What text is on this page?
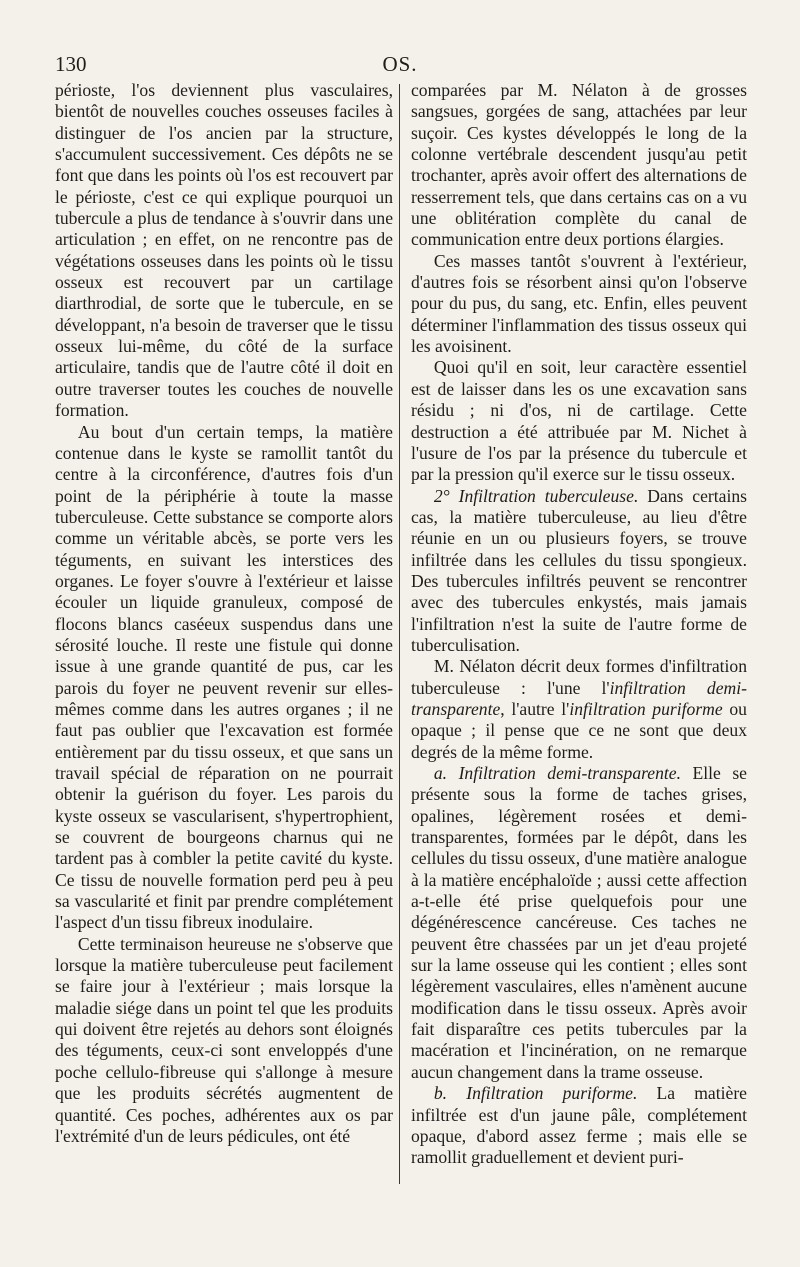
130	OS.

périoste, l'os deviennent plus vasculaires, bientôt de nouvelles couches osseuses faciles à distinguer de l'os ancien par la structure, s'accumulent successivement. Ces dépôts ne se font que dans les points où l'os est recouvert par le périoste, c'est ce qui explique pourquoi un tubercule a plus de tendance à s'ouvrir dans une articulation ; en effet, on ne rencontre pas de végétations osseuses dans les points où le tissu osseux est recouvert par un cartilage diarthrodial, de sorte que le tubercule, en se développant, n'a besoin de traverser que le tissu osseux lui-même, du côté de la surface articulaire, tandis que de l'autre côté il doit en outre traverser toutes les couches de nouvelle formation.

Au bout d'un certain temps, la matière contenue dans le kyste se ramollit tantôt du centre à la circonférence, d'autres fois d'un point de la périphérie à toute la masse tuberculeuse. Cette substance se comporte alors comme un véritable abcès, se porte vers les téguments, en suivant les interstices des organes. Le foyer s'ouvre à l'extérieur et laisse écouler un liquide granuleux, composé de flocons blancs caséeux suspendus dans une sérosité louche. Il reste une fistule qui donne issue à une grande quantité de pus, car les parois du foyer ne peuvent revenir sur elles-mêmes comme dans les autres organes ; il ne faut pas oublier que l'excavation est formée entièrement par du tissu osseux, et que sans un travail spécial de réparation on ne pourrait obtenir la guérison du foyer. Les parois du kyste osseux se vascularisent, s'hypertrophient, se couvrent de bourgeons charnus qui ne tardent pas à combler la petite cavité du kyste. Ce tissu de nouvelle formation perd peu à peu sa vascularité et finit par prendre complétement l'aspect d'un tissu fibreux inodulaire.

Cette terminaison heureuse ne s'observe que lorsque la matière tuberculeuse peut facilement se faire jour à l'extérieur ; mais lorsque la maladie siége dans un point tel que les produits qui doivent être rejetés au dehors sont éloignés des téguments, ceux-ci sont enveloppés d'une poche cellulo-fibreuse qui s'allonge à mesure que les produits sécrétés augmentent de quantité. Ces poches, adhérentes aux os par l'extrémité d'un de leurs pédicules, ont été

comparées par M. Nélaton à de grosses sangsues, gorgées de sang, attachées par leur suçoir. Ces kystes développés le long de la colonne vertébrale descendent jusqu'au petit trochanter, après avoir offert des alternations de resserrement tels, que dans certains cas on a vu une oblitération complète du canal de communication entre deux portions élargies.

Ces masses tantôt s'ouvrent à l'extérieur, d'autres fois se résorbent ainsi qu'on l'observe pour du pus, du sang, etc. Enfin, elles peuvent déterminer l'inflammation des tissus osseux qui les avoisinent.

Quoi qu'il en soit, leur caractère essentiel est de laisser dans les os une excavation sans résidu ; ni d'os, ni de cartilage. Cette destruction a été attribuée par M. Nichet à l'usure de l'os par la présence du tubercule et par la pression qu'il exerce sur le tissu osseux.

2° Infiltration tuberculeuse. Dans certains cas, la matière tuberculeuse, au lieu d'être réunie en un ou plusieurs foyers, se trouve infiltrée dans les cellules du tissu spongieux. Des tubercules infiltrés peuvent se rencontrer avec des tubercules enkystés, mais jamais l'infiltration n'est la suite de l'autre forme de tuberculisation.

M. Nélaton décrit deux formes d'infiltration tuberculeuse : l'une l'infiltration demi-transparente, l'autre l'infiltration puriforme ou opaque ; il pense que ce ne sont que deux degrés de la même forme.

a. Infiltration demi-transparente. Elle se présente sous la forme de taches grises, opalines, légèrement rosées et demi-transparentes, formées par le dépôt, dans les cellules du tissu osseux, d'une matière analogue à la matière encéphaloïde ; aussi cette affection a-t-elle été prise quelquefois pour une dégénérescence cancéreuse. Ces taches ne peuvent être chassées par un jet d'eau projeté sur la lame osseuse qui les contient ; elles sont légèrement vasculaires, elles n'amènent aucune modification dans le tissu osseux. Après avoir fait disparaître ces petits tubercules par la macération et l'incinération, on ne remarque aucun changement dans la trame osseuse.

b. Infiltration puriforme. La matière infiltrée est d'un jaune pâle, complétement opaque, d'abord assez ferme ; mais elle se ramollit graduellement et devient puri-
